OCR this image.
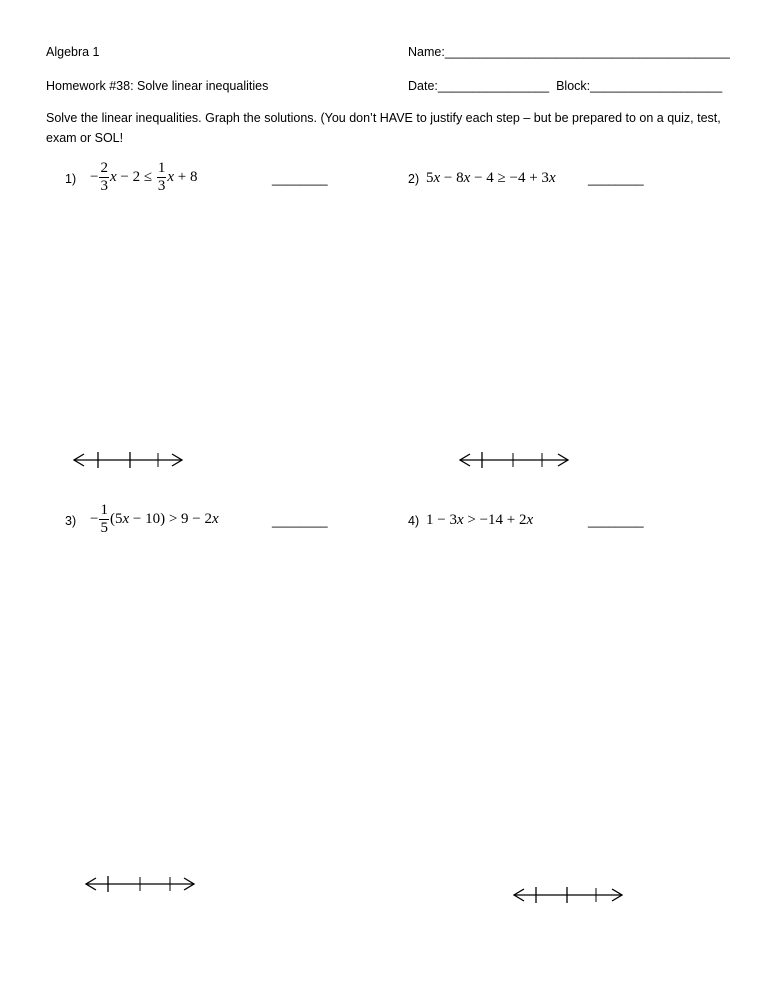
Algebra 1	Name:_________________________________________
Homework #38: Solve linear inequalities	Date:________________ Block:___________________
Solve the linear inequalities. Graph the solutions. (You don’t HAVE to justify each step – but be prepared to on a quiz, test, exam or SOL!
$1) - \frac{2}{3}$ $x - 2 \le \frac{1}{3}$ x + 8	________	2) 5x − 8x − 4 ≥ −4 + 3x	________
$3) - \frac{1}{5} (5x - 10) > 9 - 2x$	________	4) 1 − 3x > −14 + 2x	________
